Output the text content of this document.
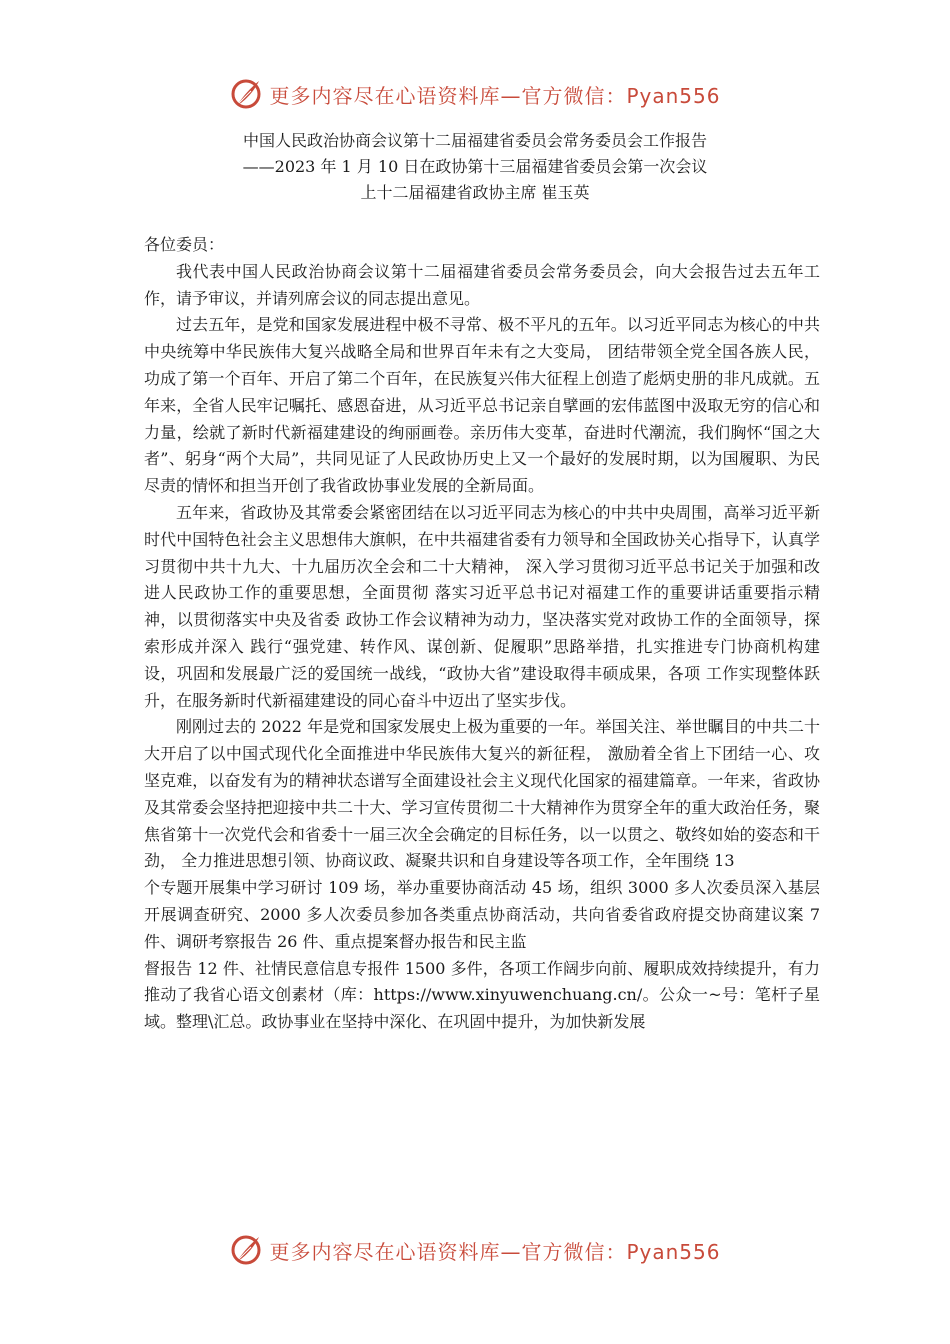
更多内容尽在心语资料库—官方微信：Pyan556
中国人民政治协商会议第十二届福建省委员会常务委员会工作报告
——2023 年 1 月 10 日在政协第十三届福建省委员会第一次会议
上十二届福建省政协主席 崔玉英

各位委员：

我代表中国人民政治协商会议第十二届福建省委员会常务委员会，向大会报告过去五年工作，请予审议，并请列席会议的同志提出意见。

过去五年，是党和国家发展进程中极不寻常、极不平凡的五年。以习近平同志为核心的中共中央统筹中华民族伟大复兴战略全局和世界百年未有之大变局， 团结带领全党全国各族人民，功成了第一个百年、开启了第二个百年，在民族复兴伟大征程上创造了彪炳史册的非凡成就。五年来，全省人民牢记嘱托、感恩奋进，从习近平总书记亲自擘画的宏伟蓝图中汲取无穷的信心和力量，绘就了新时代新福建建设的绚丽画卷。亲历伟大变革，奋进时代潮流，我们胸怀“国之大者”、躬身“两个大局”，共同见证了人民政协历史上又一个最好的发展时期，以为国履职、为民尽责的情怀和担当开创了我省政协事业发展的全新局面。

五年来，省政协及其常委会紧密团结在以习近平同志为核心的中共中央周围，高举习近平新时代中国特色社会主义思想伟大旗帜，在中共福建省委有力领导和全国政协关心指导下，认真学习贯彻中共十九大、十九届历次全会和二十大精神， 深入学习贯彻习近平总书记关于加强和改进人民政协工作的重要思想，全面贯彻 落实习近平总书记对福建工作的重要讲话重要指示精神，以贯彻落实中央及省委 政协工作会议精神为动力，坚决落实党对政协工作的全面领导，探索形成并深入 践行“强党建、转作风、谋创新、促履职”思路举措，扎实推进专门协商机构建设，巩固和发展最广泛的爱国统一战线，“政协大省”建设取得丰硕成果，各项 工作实现整体跃升，在服务新时代新福建建设的同心奋斗中迈出了坚实步伐。

刚刚过去的 2022 年是党和国家发展史上极为重要的一年。举国关注、举世瞩目的中共二十大开启了以中国式现代化全面推进中华民族伟大复兴的新征程， 激励着全省上下团结一心、攻坚克难，以奋发有为的精神状态谱写全面建设社会主义现代化国家的福建篇章。一年来，省政协及其常委会坚持把迎接中共二十大、学习宣传贯彻二十大精神作为贯穿全年的重大政治任务，聚焦省第十一次党代会和省委十一届三次全会确定的目标任务，以一以贯之、敬终如始的姿态和干劲， 全力推进思想引领、协商议政、凝聚共识和自身建设等各项工作，全年围绕 13

个专题开展集中学习研讨 109 场，举办重要协商活动 45 场，组织 3000 多人次委员深入基层开展调查研究、2000 多人次委员参加各类重点协商活动，共向省委省政府提交协商建议案 7 件、调研考察报告 26 件、重点提案督办报告和民主监

督报告 12 件、社情民意信息专报件 1500 多件，各项工作阔步向前、履职成效持续提升，有力推动了我省心语文创素材（库：https://www.xinyuwenchuang.cn/。公众一~号：笔杆子星域。整理\汇总。政协事业在坚持中深化、在巩固中提升，为加快新发展

更多内容尽在心语资料库—官方微信：Pyan556
